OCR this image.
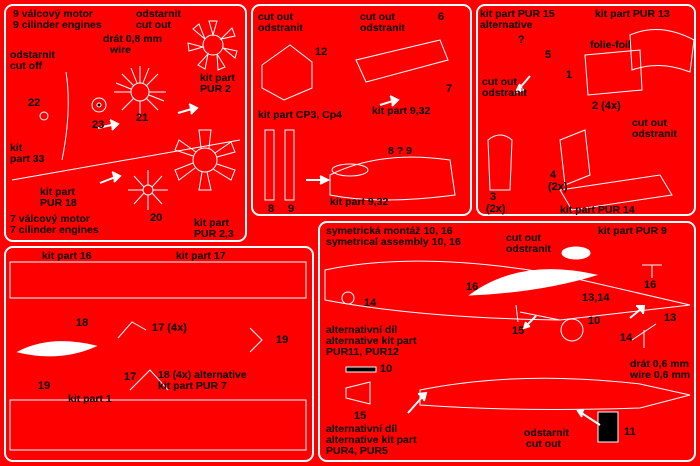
9 válcový motor
9 cilinder engines
odstarnit
cut out
drát 0,8 mm
wire
kit part
PUR 2
odstarnit
cut off
22
23
21
kit
part 33
kit part
PUR 18
7 válcový motor
7 cilinder engines
20	kit part
PUR 2,3
cut out
odstranit
12
cut out
odstranit
6
7
kit part CP3, Cp4	kit part 9,32
8 9
8 ? 9
kit part 9,32
kit part PUR 15
alternative
kit part PUR 13
?
5
folie-foil
1
cut out
odstranit
2 (4x)
cut out
odstranit
4
(2x)
3
(2x)	kit part PUR 14
kit part 16	kit part 17
18	17 (4x)
19
19
17 18 (4x) alternative
kit part PUR 7
kit part 1
symetrická montáž 10, 16
symetrical assembly 10, 16	cut out
odstranit
kit part PUR 9
16
14	13,14
16
15
10	13
14
alternativní díl
alternative kit part
PUR11, PUR12
10	drát 0,6 mm
wire 0,6 mm
15
alternativní díl
alternative kit part
PUR4, PUR5
odstarnit
cut out
11
